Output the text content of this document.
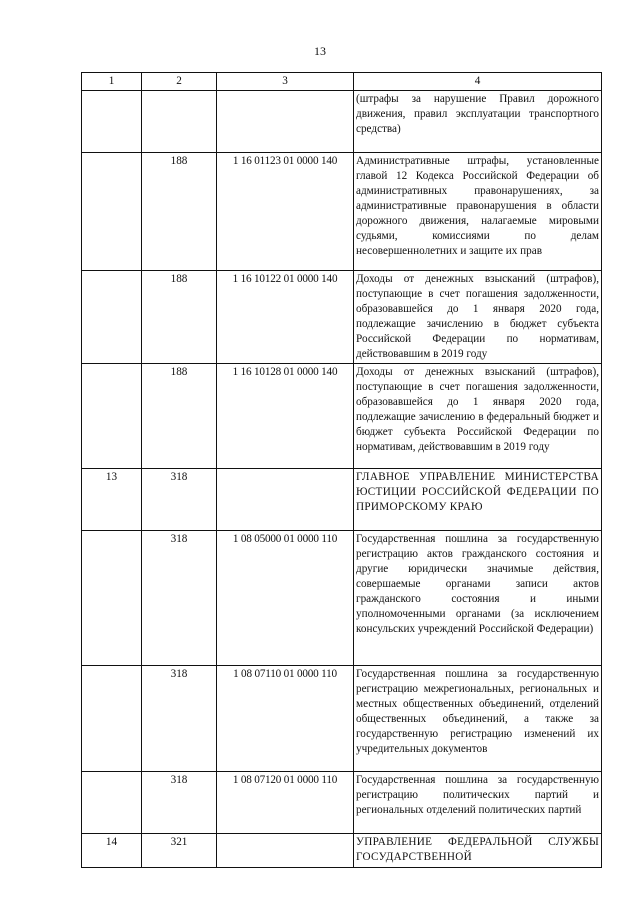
13
1	2	3	4
			(штрафы за нарушение Правил дорожного движения, правил эксплуатации транспортного средства)
	188	1 16 01123 01 0000 140	Административные штрафы, установленные главой 12 Кодекса Российской Федерации об административных правонарушениях, за административные правонарушения в области дорожного движения, налагаемые мировыми судьями, комиссиями по делам несовершеннолетних и защите их прав
	188	1 16 10122 01 0000 140	Доходы от денежных взысканий (штрафов), поступающие в счет погашения задолженности, образовавшейся до 1 января 2020 года, подлежащие зачислению в бюджет субъекта Российской Федерации по нормативам, действовавшим в 2019 году
	188	1 16 10128 01 0000 140	Доходы от денежных взысканий (штрафов), поступающие в счет погашения задолженности, образовавшейся до 1 января 2020 года, подлежащие зачислению в федеральный бюджет и бюджет субъекта Российской Федерации по нормативам, действовавшим в 2019 году
13	318		ГЛАВНОЕ УПРАВЛЕНИЕ МИНИСТЕРСТВА ЮСТИЦИИ РОССИЙСКОЙ ФЕДЕРАЦИИ ПО ПРИМОРСКОМУ КРАЮ
	318	1 08 05000 01 0000 110	Государственная пошлина за государственную регистрацию актов гражданского состояния и другие юридически значимые действия, совершаемые органами записи актов гражданского состояния и иными уполномоченными органами (за исключением консульских учреждений Российской Федерации)
	318	1 08 07110 01 0000 110	Государственная пошлина за государственную регистрацию межрегиональных, региональных и местных общественных объединений, отделений общественных объединений, а также за государственную регистрацию изменений их учредительных документов
	318	1 08 07120 01 0000 110	Государственная пошлина за государственную регистрацию политических партий и региональных отделений политических партий
14	321		УПРАВЛЕНИЕ ФЕДЕРАЛЬНОЙ СЛУЖБЫ ГОСУДАРСТВЕННОЙ
